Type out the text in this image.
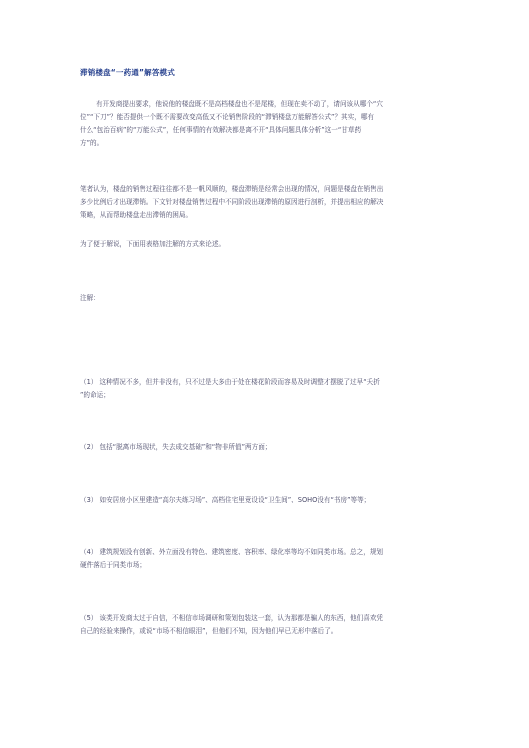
滞销楼盘“一药通”解答模式
有开发商提出要求，他说他的楼盘既不是高档楼盘也不是尾楼，但现在卖不动了，请问该从哪个“穴
位”“下刀”？能否提供一个既不需要改变高低又不论销售阶段的“滞销楼盘万能解答公式”？其实，哪有
什么“包治百病”的“万能公式”，任何事情的有效解决都是离不开“具体问题具体分析”这一“甘草药
方”的。
笔者认为，楼盘的销售过程往往都不是一帆风顺的，楼盘滞销是经常会出现的情况，问题是楼盘在销售出
多少比例后才出现滞销。下文针对楼盘销售过程中不同阶段出现滞销的原因进行剖析，并提出相应的解决
策略，从而帮助楼盘走出滞销的困局。
为了便于解说，下面用表格加注解的方式来论述。
注解：
（1） 这种情况不多，但并非没有，只不过是大多由于处在楼花阶段而容易及时调整才摆脱了过早“夭折
”的命运；
（2） 包括“脱离市场现状，失去成交基础”和“物非所值”两方面；
（3） 如安居房小区里建造“高尔夫练习场”、高档住宅里竟设设“卫生间”、SOHO没有“书房”等等；
（4） 建筑规划没有创新、外立面没有特色、建筑密度、容积率、绿化率等均不如同类市场。总之，规划
硬件落后于同类市场；
（5） 该类开发商太过于自信，不相信市场调研和策划包装这一套，认为那都是骗人的东西，他们喜欢凭
自己的经验来操作，或说“市场不相信眼泪”，但他们不知，因为他们早已无形中落后了。
